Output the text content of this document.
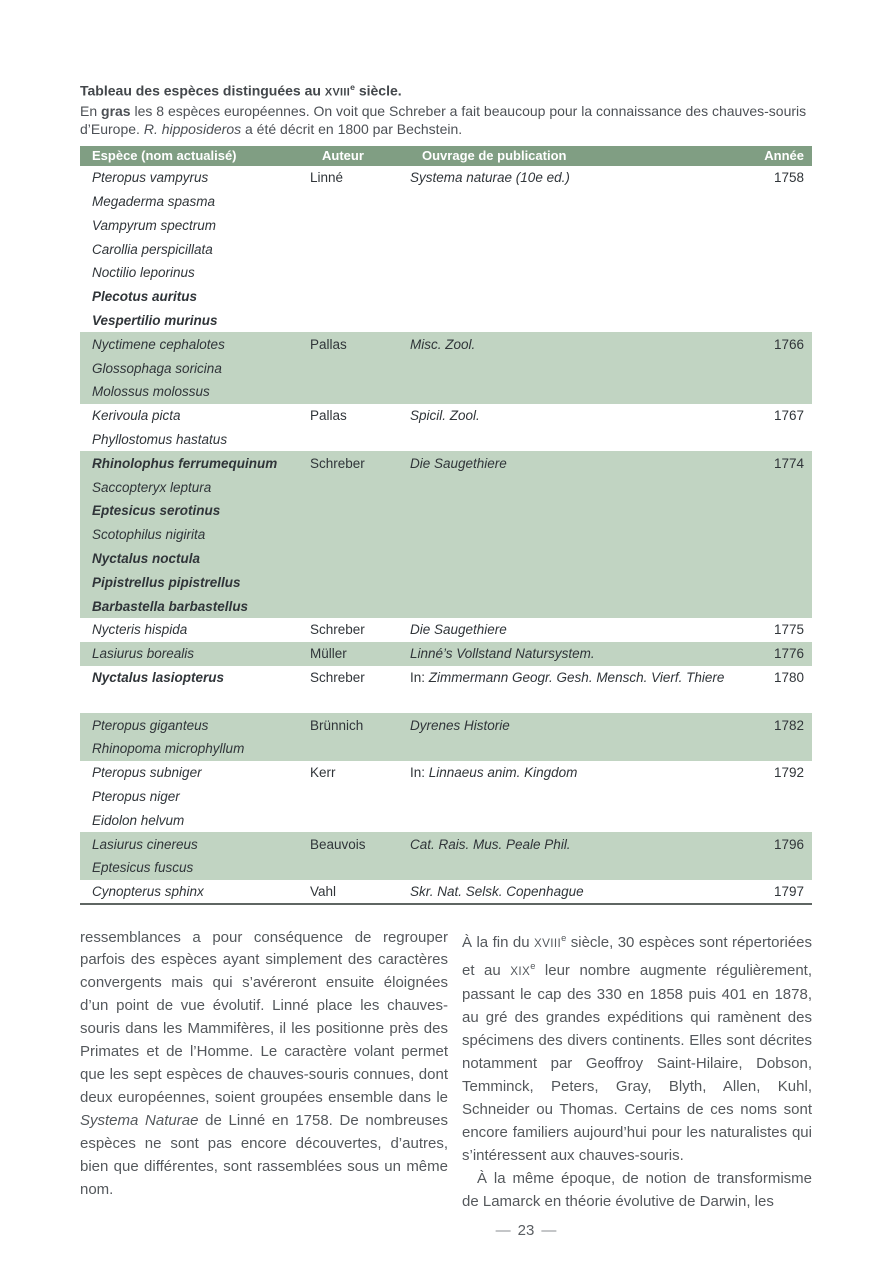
Tableau des espèces distinguées au XVIIIe siècle.
En gras les 8 espèces européennes. On voit que Schreber a fait beaucoup pour la connaissance des chauves-souris d’Europe. R. hipposideros a été décrit en 1800 par Bechstein.
Espèce (nom actualisé)	Auteur	Ouvrage de publication	Année
Pteropus vampyrus	Linné	Systema naturae (10e ed.)	1758
Megaderma spasma			
Vampyrum spectrum			
Carollia perspicillata			
Noctilio leporinus			
Plecotus auritus			
Vespertilio murinus			
Nyctimene cephalotes	Pallas	Misc. Zool.	1766
Glossophaga soricina			
Molossus molossus			
Kerivoula picta	Pallas	Spicil. Zool.	1767
Phyllostomus hastatus			
Rhinolophus ferrumequinum	Schreber	Die Saugethiere	1774
Saccopteryx leptura			
Eptesicus serotinus			
Scotophilus nigirita			
Nyctalus noctula			
Pipistrellus pipistrellus			
Barbastella barbastellus			
Nycteris hispida	Schreber	Die Saugethiere	1775
Lasiurus borealis	Müller	Linné’s Vollstand Natursystem.	1776
Nyctalus lasiopterus	Schreber	In: Zimmermann Geogr. Gesh. Mensch. Vierf. Thiere	1780

Pteropus giganteus	Brünnich	Dyrenes Historie	1782
Rhinopoma microphyllum			
Pteropus subniger	Kerr	In: Linnaeus anim. Kingdom	1792
Pteropus niger			
Eidolon helvum			
Lasiurus cinereus	Beauvois	Cat. Rais. Mus. Peale Phil.	1796
Eptesicus fuscus			
Cynopterus sphinx	Vahl	Skr. Nat. Selsk. Copenhague	1797

ressemblances a pour conséquence de regrouper parfois des espèces ayant simplement des caractères convergents mais qui s’avéreront ensuite éloignées d’un point de vue évolutif. Linné place les chauves-souris dans les Mammifères, il les positionne près des Primates et de l’Homme. Le caractère volant permet que les sept espèces de chauves-souris connues, dont deux européennes, soient groupées ensemble dans le Systema Naturae de Linné en 1758. De nombreuses espèces ne sont pas encore découvertes, d’autres, bien que différentes, sont rassemblées sous un même nom.

À la fin du XVIIIe siècle, 30 espèces sont répertoriées et au XIXe leur nombre augmente régulièrement, passant le cap des 330 en 1858 puis 401 en 1878, au gré des grandes expéditions qui ramènent des spécimens des divers continents. Elles sont décrites notamment par Geoffroy Saint-Hilaire, Dobson, Temminck, Peters, Gray, Blyth, Allen, Kuhl, Schneider ou Thomas. Certains de ces noms sont encore familiers aujourd’hui pour les naturalistes qui s’intéressent aux chauves-souris.

À la même époque, de notion de transformisme de Lamarck en théorie évolutive de Darwin, les

— 23 —
